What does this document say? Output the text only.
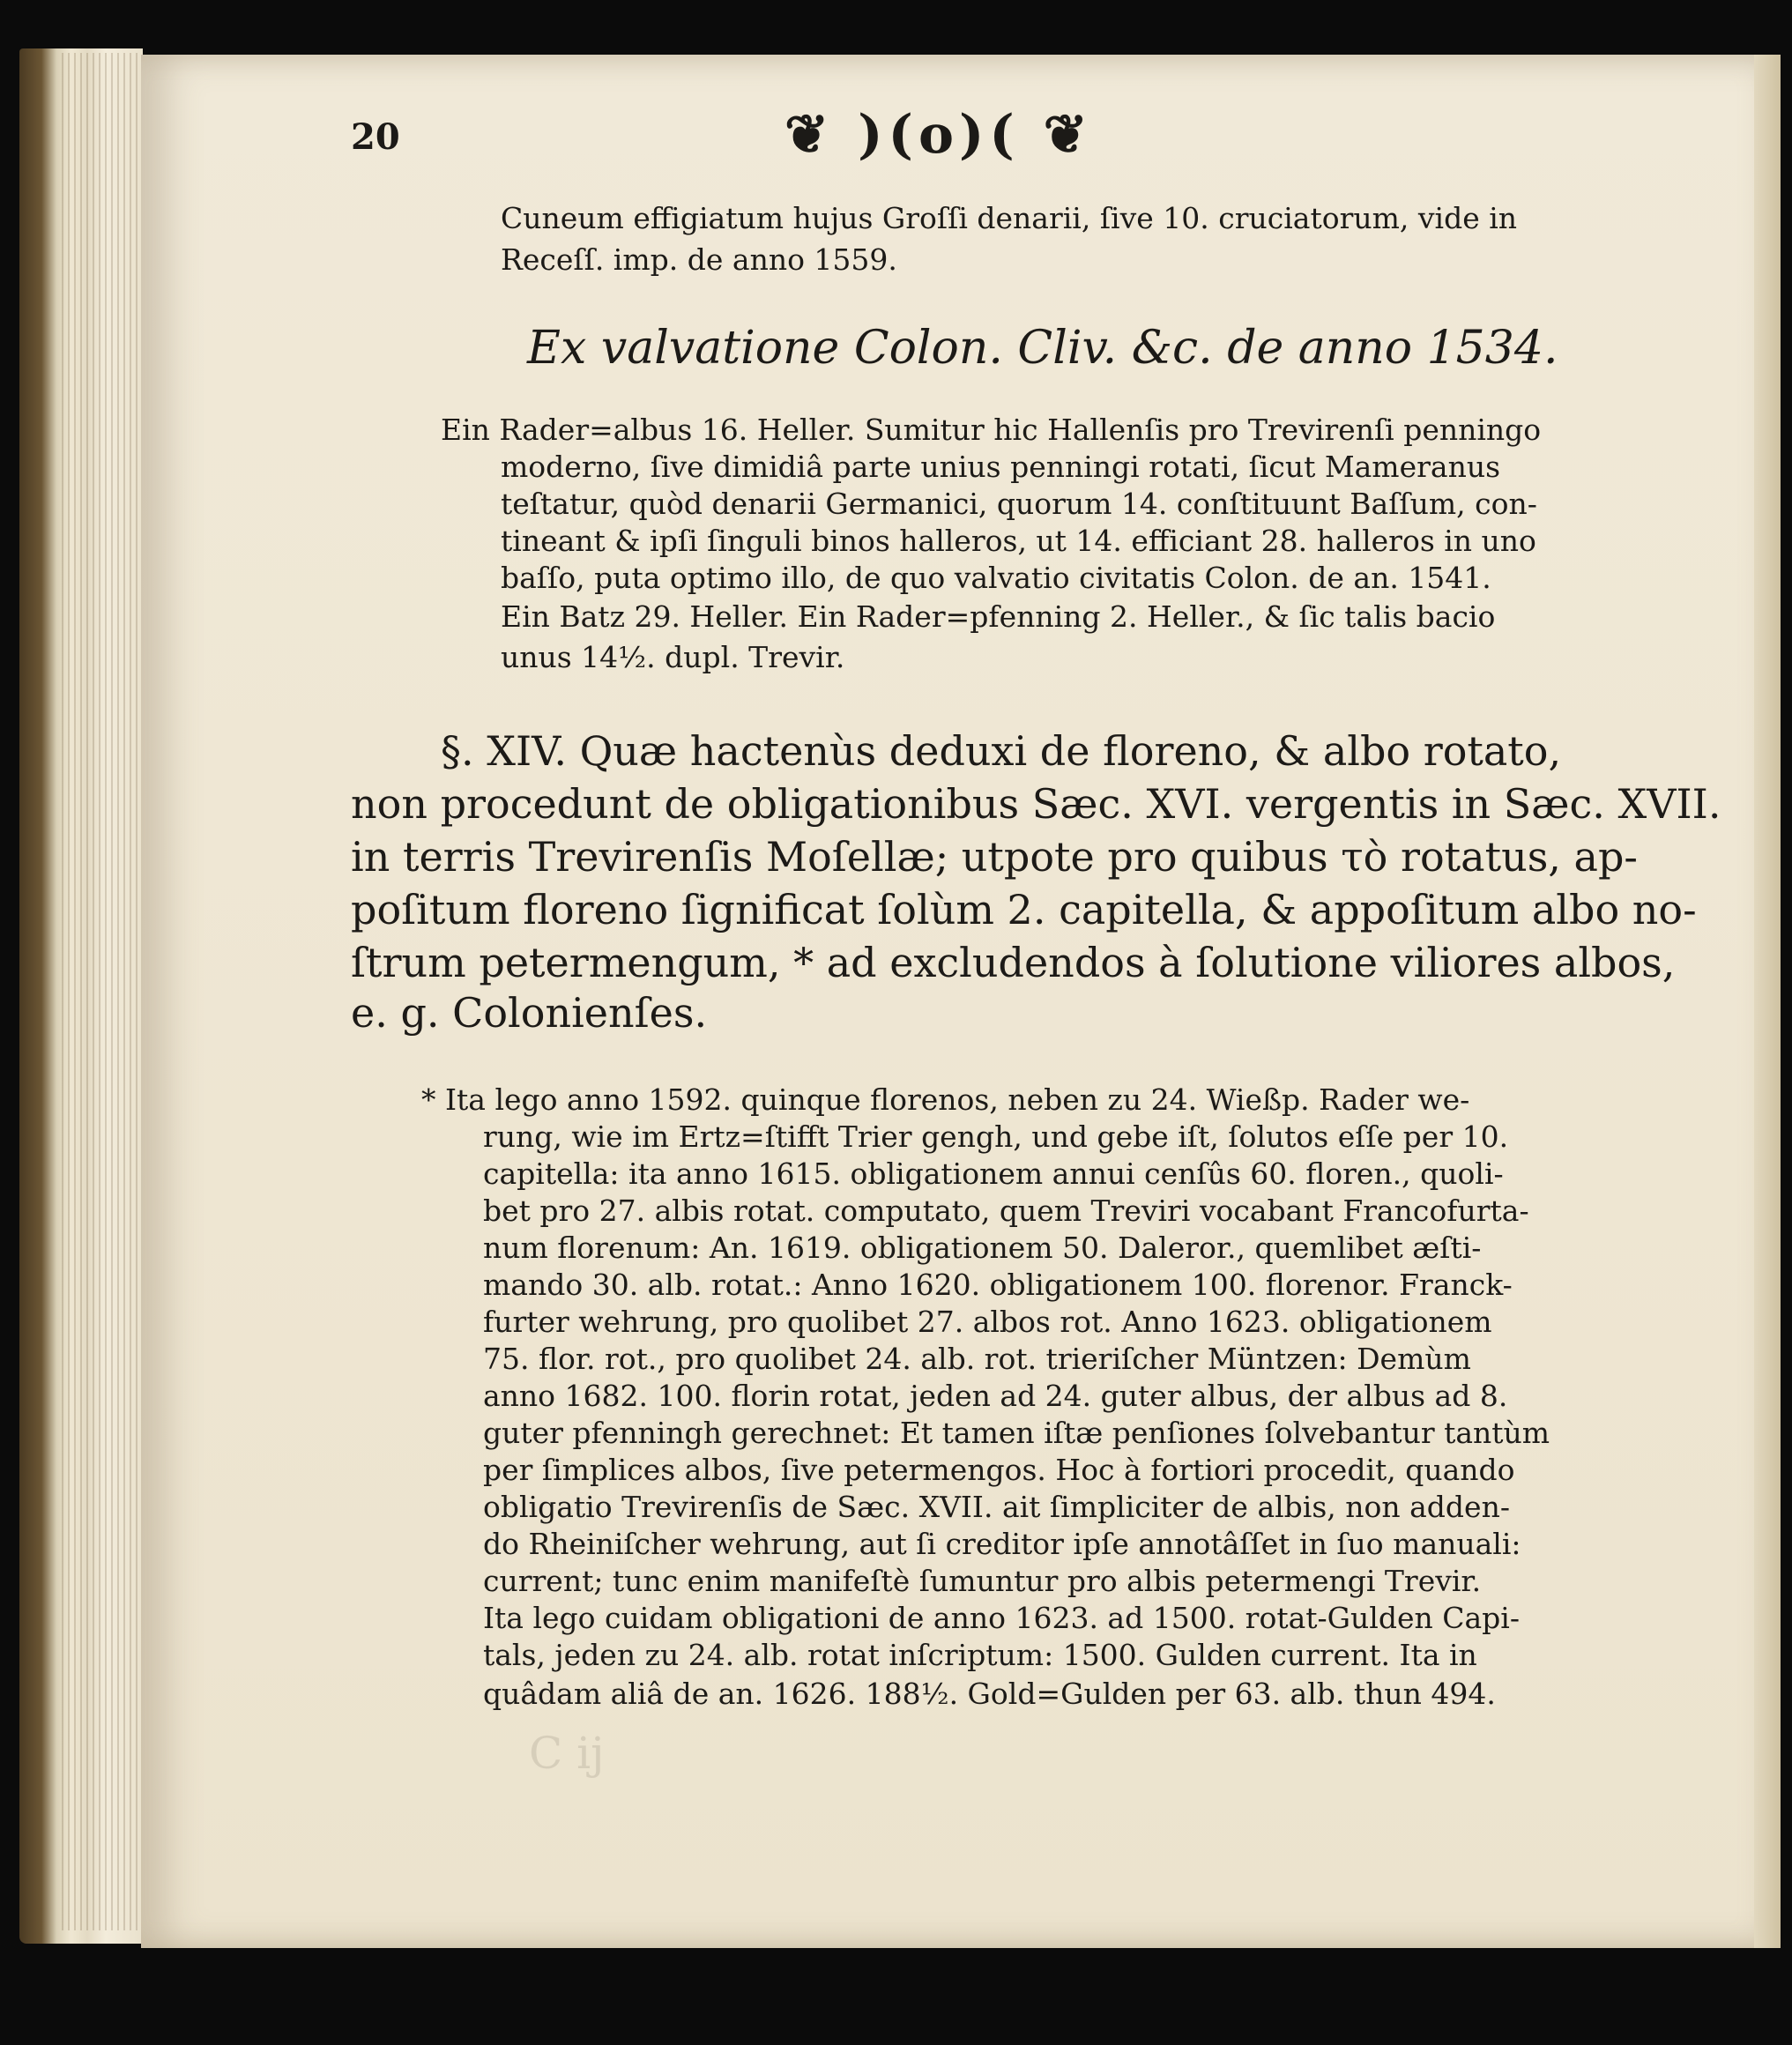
20	❦ )(o)( ❦
Cuneum effigiatum hujus Groſſi denarii, ſive 10. cruciatorum, vide in
Receſſ. imp. de anno 1559.
Ex valvatione Colon. Cliv. &c. de anno 1534.
Ein Rader=albus 16. Heller. Sumitur hic Hallenſis pro Trevirenſi penningo
moderno, ſive dimidiâ parte unius penningi rotati, ſicut Mameranus
teſtatur, quòd denarii Germanici, quorum 14. conſtituunt Baſſum, con-
tineant & ipſi ſinguli binos halleros, ut 14. efficiant 28. halleros in uno
baſſo, puta optimo illo, de quo valvatio civitatis Colon. de an. 1541.
Ein Batz 29. Heller. Ein Rader=pfenning 2. Heller., & ſic talis bacio
unus 14½. dupl. Trevir.
§. XIV. Quæ hactenùs deduxi de floreno, & albo rotato,
non procedunt de obligationibus Sæc. XVI. vergentis in Sæc. XVII.
in terris Trevirenſis Moſellæ; utpote pro quibus τὸ rotatus, ap-
poſitum floreno ſignificat ſolùm 2. capitella, & appoſitum albo no-
ſtrum petermengum, * ad excludendos à ſolutione viliores albos,
e. g. Colonienſes.
* Ita lego anno 1592. quinque florenos, neben zu 24. Wießp. Rader we-
rung, wie im Ertz=ſtifft Trier gengh, und gebe iſt, ſolutos eſſe per 10.
capitella: ita anno 1615. obligationem annui cenſûs 60. floren., quoli-
bet pro 27. albis rotat. computato, quem Treviri vocabant Francofurta-
num florenum: An. 1619. obligationem 50. Daleror., quemlibet æſti-
mando 30. alb. rotat.: Anno 1620. obligationem 100. florenor. Franck-
furter wehrung, pro quolibet 27. albos rot. Anno 1623. obligationem
75. flor. rot., pro quolibet 24. alb. rot. trieriſcher Müntzen: Demùm
anno 1682. 100. florin rotat, jeden ad 24. guter albus, der albus ad 8.
guter pfenningh gerechnet: Et tamen iſtæ penſiones ſolvebantur tantùm
per ſimplices albos, ſive petermengos. Hoc à fortiori procedit, quando
obligatio Trevirenſis de Sæc. XVII. ait ſimpliciter de albis, non adden-
do Rheiniſcher wehrung, aut ſi creditor ipſe annotâſſet in ſuo manuali:
current; tunc enim manifeſtè ſumuntur pro albis petermengi Trevir.
Ita lego cuidam obligationi de anno 1623. ad 1500. rotat-Gulden Capi-
tals, jeden zu 24. alb. rotat inſcriptum: 1500. Gulden current. Ita in
quâdam aliâ de an. 1626. 188½. Gold=Gulden per 63. alb. thun 494.
C ij
